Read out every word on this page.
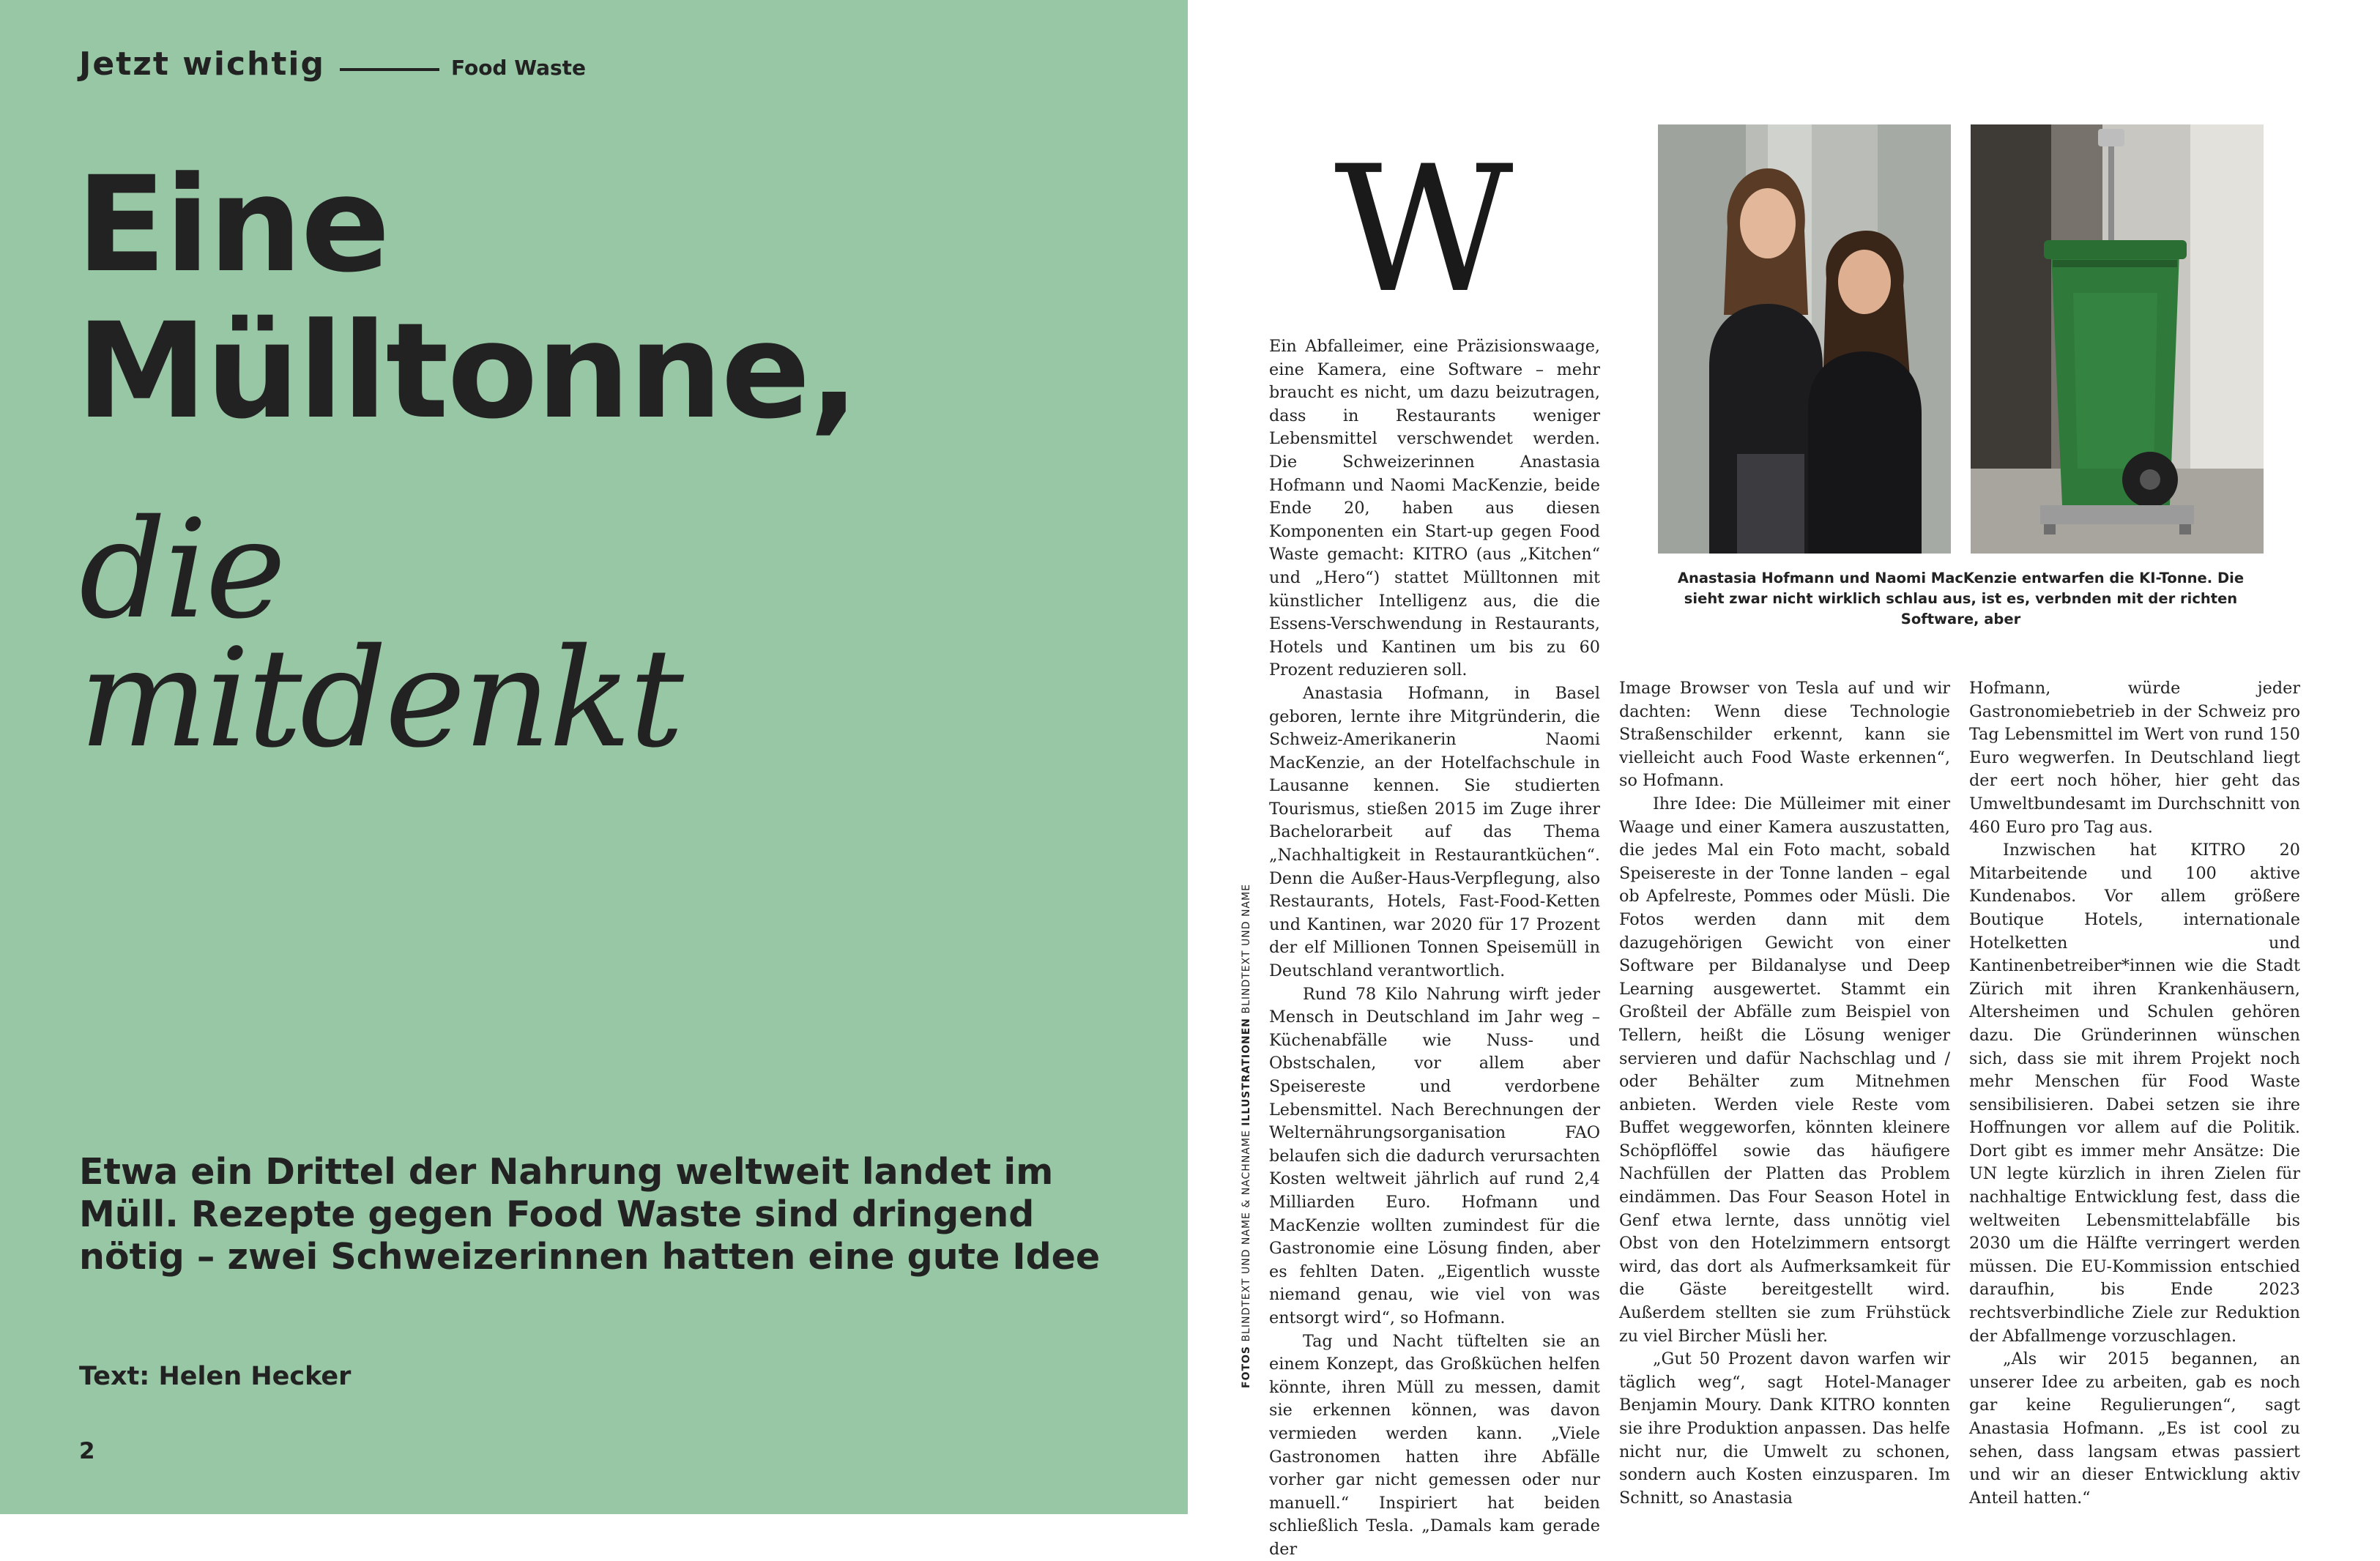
Jetzt wichtig	Food Waste
Eine
Mülltonne,
die
mitdenkt
Etwa ein Drittel der Nahrung weltweit landet im Müll. Rezepte gegen Food Waste sind dringend nötig – zwei Schweizerinnen hatten eine gute Idee
Text: Helen Hecker
2
W

Ein Abfalleimer, eine Präzisionswaage, eine Kamera, eine Software – mehr braucht es nicht, um dazu beizutragen, dass in Restaurants weniger Lebensmittel verschwendet werden. Die Schweizerinnen Anastasia Hofmann und Naomi MacKenzie, beide Ende 20, haben aus diesen Komponenten ein Start-up gegen Food Waste gemacht: KITRO (aus „Kitchen“ und „Hero“) stattet Mülltonnen mit künstlicher Intelligenz aus, die die Essens-Verschwendung in Restaurants, Hotels und Kantinen um bis zu 60 Prozent reduzieren soll.

Anastasia Hofmann, in Basel geboren, lernte ihre Mitgründerin, die Schweiz-Amerikanerin Naomi MacKenzie, an der Hotelfachschule in Lausanne kennen. Sie studierten Tourismus, stießen 2015 im Zuge ihrer Bachelorarbeit auf das Thema „Nachhaltigkeit in Restaurantküchen“. Denn die Außer-Haus-Verpflegung, also Restaurants, Hotels, Fast-Food-Ketten und Kantinen, war 2020 für 17 Prozent der elf Millionen Tonnen Speisemüll in Deutschland verantwortlich.

Rund 78 Kilo Nahrung wirft jeder Mensch in Deutschland im Jahr weg – Küchenabfälle wie Nuss- und Obstschalen, vor allem aber Speisereste und verdorbene Lebensmittel. Nach Berechnungen der Welternährungsorganisation FAO belaufen sich die dadurch verursachten Kosten weltweit jährlich auf rund 2,4 Milliarden Euro. Hofmann und MacKenzie wollten zumindest für die Gastronomie eine Lösung finden, aber es fehlten Daten. „Eigentlich wusste niemand genau, wie viel von was entsorgt wird“, so Hofmann.

Tag und Nacht tüftelten sie an einem Konzept, das Großküchen helfen könnte, ihren Müll zu messen, damit sie erkennen können, was davon vermieden werden kann. „Viele Gastronomen hatten ihre Abfälle vorher gar nicht gemessen oder nur manuell.“ Inspiriert hat beiden schließlich Tesla. „Damals kam gerade der

Image Browser von Tesla auf und wir dachten: Wenn diese Technologie Straßenschilder erkennt, kann sie vielleicht auch Food Waste erkennen“, so Hofmann.

Ihre Idee: Die Mülleimer mit einer Waage und einer Kamera auszustatten, die jedes Mal ein Foto macht, sobald Speisereste in der Tonne landen – egal ob Apfelreste, Pommes oder Müsli. Die Fotos werden dann mit dem dazugehörigen Gewicht von einer Software per Bildanalyse und Deep Learning ausgewertet. Stammt ein Großteil der Abfälle zum Beispiel von Tellern, heißt die Lösung weniger servieren und dafür Nachschlag und / oder Behälter zum Mitnehmen anbieten. Werden viele Reste vom Buffet weggeworfen, könnten kleinere Schöpflöffel sowie das häufigere Nachfüllen der Platten das Problem eindämmen. Das Four Season Hotel in Genf etwa lernte, dass unnötig viel Obst von den Hotelzimmern entsorgt wird, das dort als Aufmerksamkeit für die Gäste bereitgestellt wird. Außerdem stellten sie zum Frühstück zu viel Bircher Müsli her.

„Gut 50 Prozent davon warfen wir täglich weg“, sagt Hotel-Manager Benjamin Moury. Dank KITRO konnten sie ihre Produktion anpassen. Das helfe nicht nur, die Umwelt zu schonen, sondern auch Kosten einzusparen. Im Schnitt, so Anastasia

Hofmann, würde jeder Gastronomiebetrieb in der Schweiz pro Tag Lebensmittel im Wert von rund 150 Euro wegwerfen. In Deutschland liegt der eert noch höher, hier geht das Umweltbundesamt im Durchschnitt von 460 Euro pro Tag aus.

Inzwischen hat KITRO 20 Mitarbeitende und 100 aktive Kundenabos. Vor allem größere Boutique Hotels, internationale Hotelketten und Kantinenbetreiber*innen wie die Stadt Zürich mit ihren Krankenhäusern, Altersheimen und Schulen gehören dazu. Die Gründerinnen wünschen sich, dass sie mit ihrem Projekt noch mehr Menschen für Food Waste sensibilisieren. Dabei setzen sie ihre Hoffnungen vor allem auf die Politik. Dort gibt es immer mehr Ansätze: Die UN legte kürzlich in ihren Zielen für nachhaltige Entwicklung fest, dass die weltweiten Lebensmittelabfälle bis 2030 um die Hälfte verringert werden müssen. Die EU-Kommission entschied daraufhin, bis Ende 2023 rechtsverbindliche Ziele zur Reduktion der Abfallmenge vorzuschlagen.

„Als wir 2015 begannen, an unserer Idee zu arbeiten, gab es noch gar keine Regulierungen“, sagt Anastasia Hofmann. „Es ist cool zu sehen, dass langsam etwas passiert und wir an dieser Entwicklung aktiv Anteil hatten.“

FOTOS BLINDTEXT UND NAME & NACHNAME ILLUSTRATIONEN BLINDTEXT UND NAME
Anastasia Hofmann und Naomi MacKenzie entwarfen die KI-Tonne. Die sieht zwar nicht wirklich schlau aus, ist es, verbnden mit der richten Software, aber
